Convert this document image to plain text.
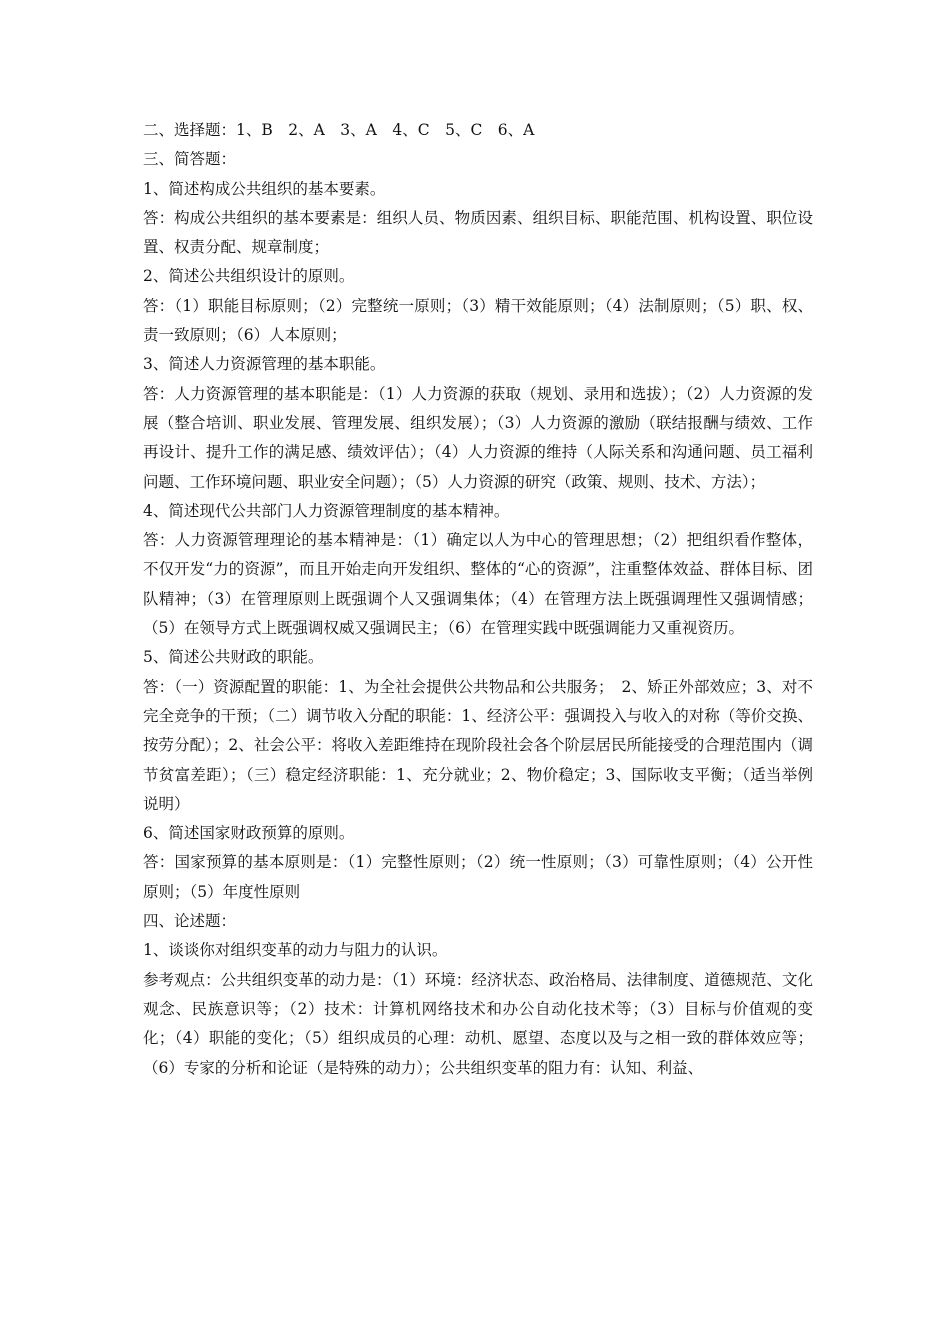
二、选择题：1、B　2、A　3、A　4、C　5、C　6、A

三、简答题：

1、简述构成公共组织的基本要素。

答：构成公共组织的基本要素是：组织人员、物质因素、组织目标、职能范围、机构设置、职位设置、权责分配、规章制度；

2、简述公共组织设计的原则。

答：（1）职能目标原则；（2）完整统一原则；（3）精干效能原则；（4）法制原则；（5）职、权、责一致原则；（6）人本原则；

3、简述人力资源管理的基本职能。

答：人力资源管理的基本职能是：（1）人力资源的获取（规划、录用和选拔）；（2）人力资源的发展（整合培训、职业发展、管理发展、组织发展）；（3）人力资源的激励（联结报酬与绩效、工作再设计、提升工作的满足感、绩效评估）；（4）人力资源的维持（人际关系和沟通问题、员工福利问题、工作环境问题、职业安全问题）；（5）人力资源的研究（政策、规则、技术、方法）；

4、简述现代公共部门人力资源管理制度的基本精神。

答：人力资源管理理论的基本精神是：（1）确定以人为中心的管理思想；（2）把组织看作整体，不仅开发“力的资源”，而且开始走向开发组织、整体的“心的资源”，注重整体效益、群体目标、团队精神；（3）在管理原则上既强调个人又强调集体；（4）在管理方法上既强调理性又强调情感；（5）在领导方式上既强调权威又强调民主；（6）在管理实践中既强调能力又重视资历。

5、简述公共财政的职能。

答：（一）资源配置的职能：1、为全社会提供公共物品和公共服务；　2、矫正外部效应；3、对不完全竞争的干预；（二）调节收入分配的职能：1、经济公平：强调投入与收入的对称（等价交换、按劳分配）；2、社会公平：将收入差距维持在现阶段社会各个阶层居民所能接受的合理范围内（调节贫富差距）；（三）稳定经济职能：1、充分就业；2、物价稳定；3、国际收支平衡；（适当举例说明）

6、简述国家财政预算的原则。

答：国家预算的基本原则是：（1）完整性原则；（2）统一性原则；（3）可靠性原则；（4）公开性原则；（5）年度性原则

四、论述题：

1、谈谈你对组织变革的动力与阻力的认识。

参考观点：公共组织变革的动力是：（1）环境：经济状态、政治格局、法律制度、道德规范、文化观念、民族意识等；（2）技术：计算机网络技术和办公自动化技术等；（3）目标与价值观的变化；（4）职能的变化；（5）组织成员的心理：动机、愿望、态度以及与之相一致的群体效应等；（6）专家的分析和论证（是特殊的动力）；公共组织变革的阻力有：认知、利益、
